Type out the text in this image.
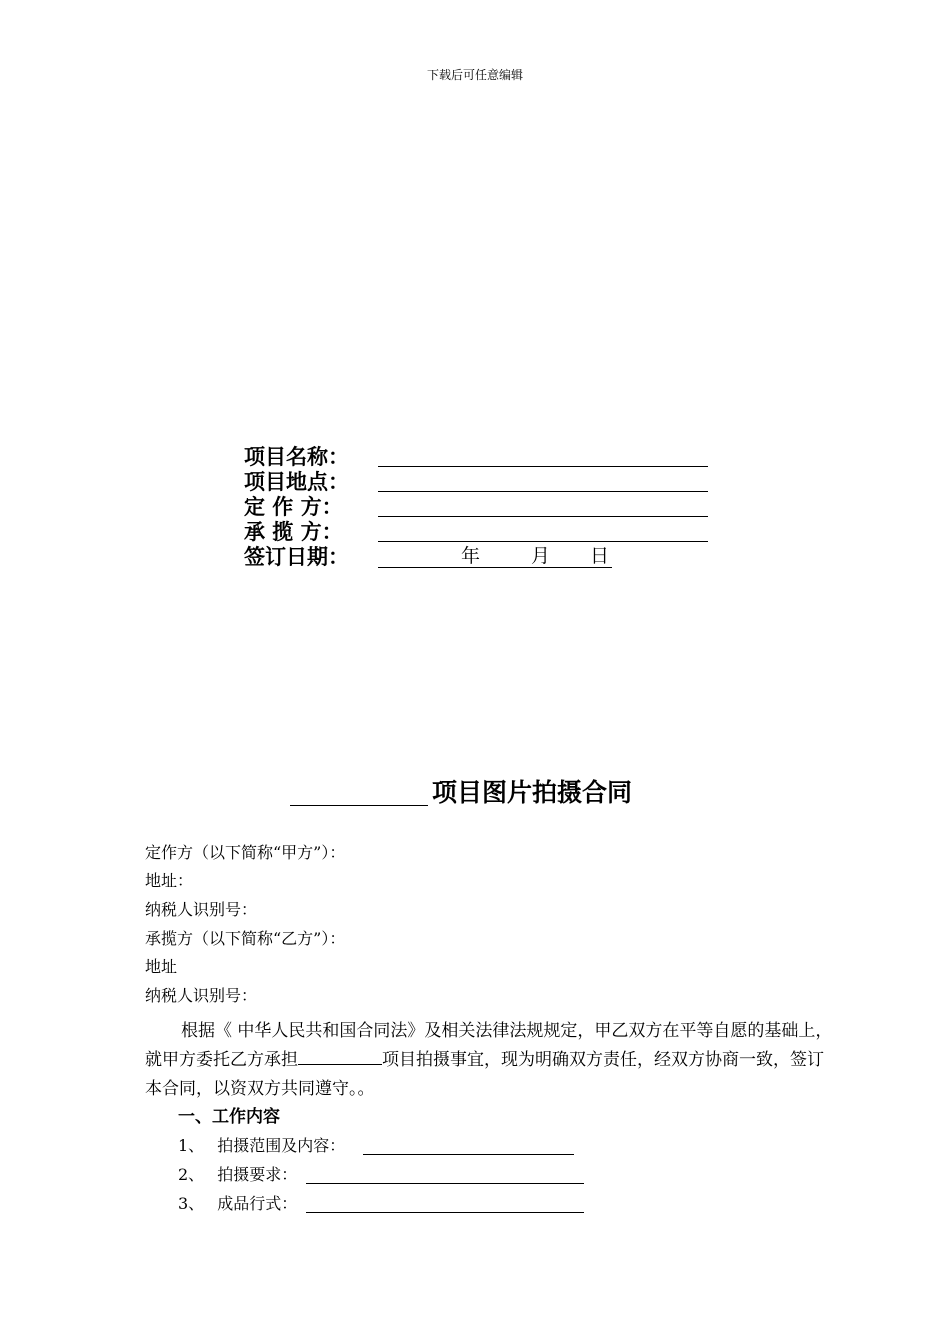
下载后可任意编辑
项目名称：
项目地点：
定 作 方：
承 揽 方：
签订日期：	年	月 日
项目图片拍摄合同
定作方（以下简称“甲方”）：
地址：
纳税人识别号：
承揽方（以下简称“乙方”）：
地址
纳税人识别号：
根据《 中华人民共和国合同法》及相关法律法规规定，甲乙双方在平等自愿的基础上，就甲方委托乙方承担	项目拍摄事宜，现为明确双方责任，经双方协商一致，签订本合同，以资双方共同遵守。。
一、工作内容
1、 拍摄范围及内容：
2、 拍摄要求：
3、 成品行式：
